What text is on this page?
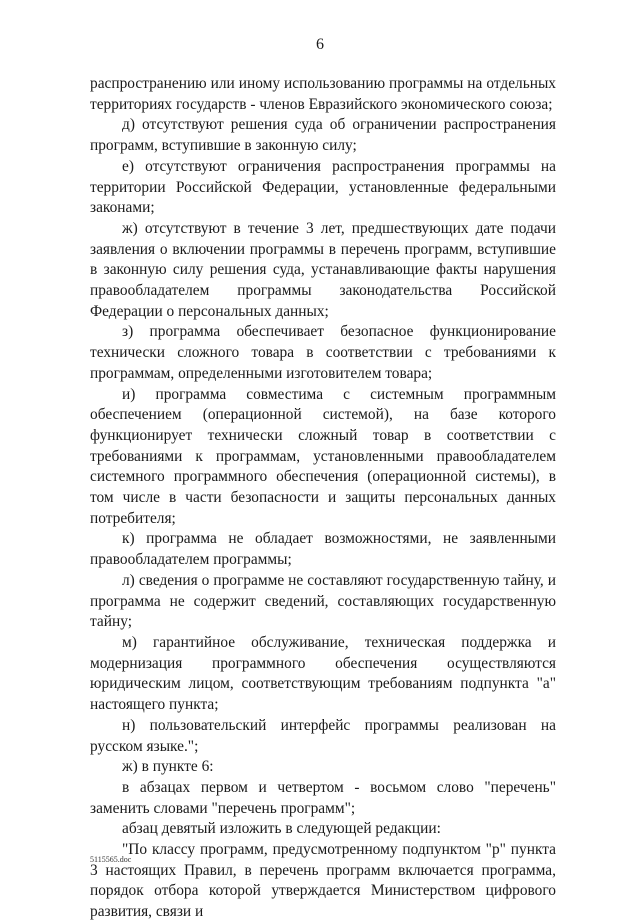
6

распространению или иному использованию программы на отдельных территориях государств - членов Евразийского экономического союза;

д) отсутствуют решения суда об ограничении распространения программ, вступившие в законную силу;

е) отсутствуют ограничения распространения программы на территории Российской Федерации, установленные федеральными законами;

ж) отсутствуют в течение 3 лет, предшествующих дате подачи заявления о включении программы в перечень программ, вступившие в законную силу решения суда, устанавливающие факты нарушения правообладателем программы законодательства Российской Федерации о персональных данных;

з) программа обеспечивает безопасное функционирование технически сложного товара в соответствии с требованиями к программам, определенными изготовителем товара;

и) программа совместима с системным программным обеспечением (операционной системой), на базе которого функционирует технически сложный товар в соответствии с требованиями к программам, установленными правообладателем системного программного обеспечения (операционной системы), в том числе в части безопасности и защиты персональных данных потребителя;

к) программа не обладает возможностями, не заявленными правообладателем программы;

л) сведения о программе не составляют государственную тайну, и программа не содержит сведений, составляющих государственную тайну;

м) гарантийное обслуживание, техническая поддержка и модернизация программного обеспечения осуществляются юридическим лицом, соответствующим требованиям подпункта "а" настоящего пункта;

н) пользовательский интерфейс программы реализован на русском языке.";

ж) в пункте 6:

в абзацах первом и четвертом - восьмом слово "перечень" заменить словами "перечень программ";

абзац девятый изложить в следующей редакции:

"По классу программ, предусмотренному подпунктом "р" пункта 3 настоящих Правил, в перечень программ включается программа, порядок отбора которой утверждается Министерством цифрового развития, связи и

5115565.doc
